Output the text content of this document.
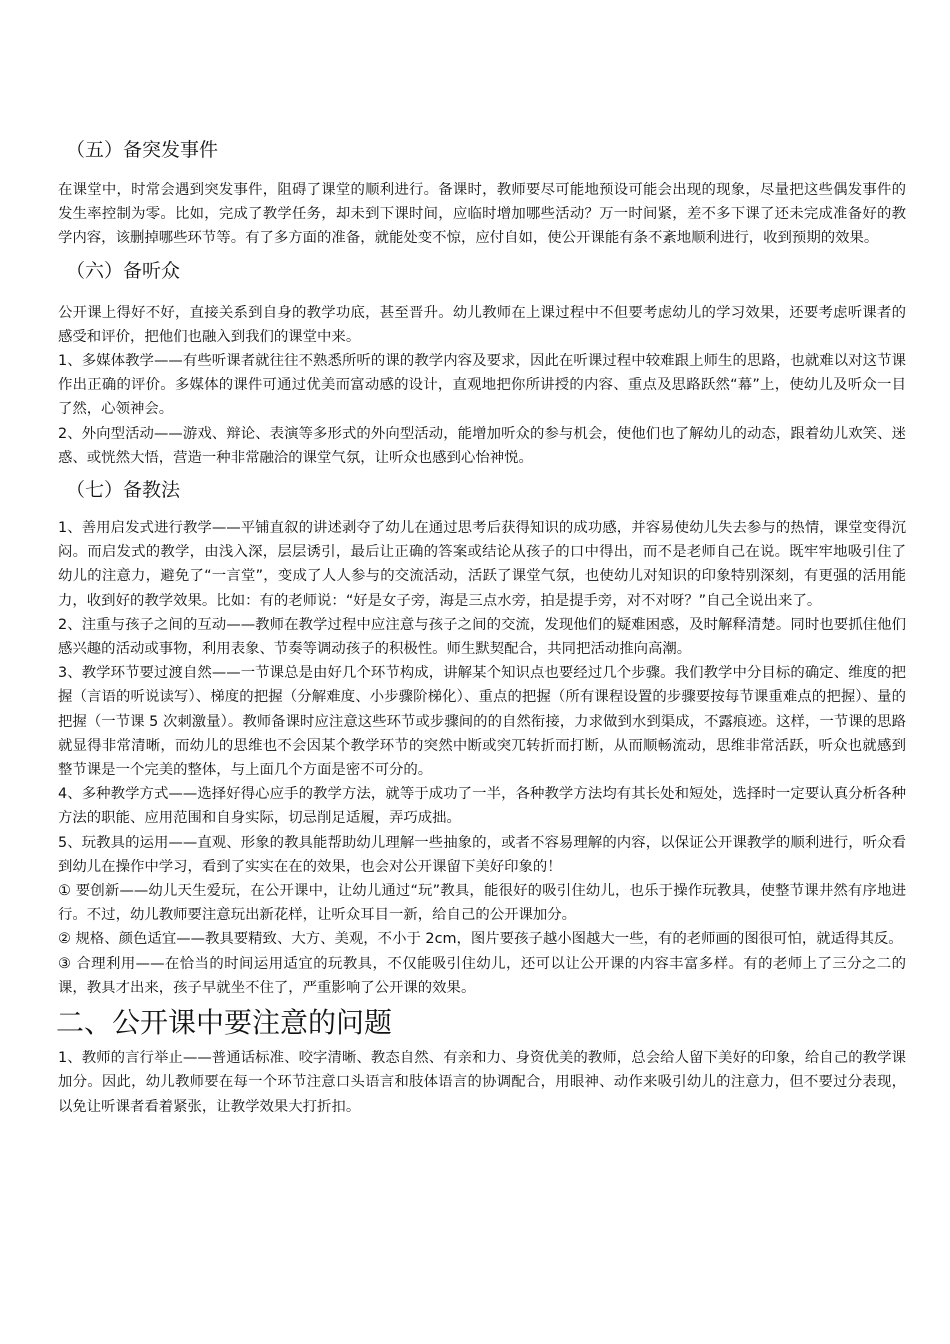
（五）备突发事件

在课堂中，时常会遇到突发事件，阻碍了课堂的顺利进行。备课时，教师要尽可能地预设可能会出现的现象，尽量把这些偶发事件的发生率控制为零。比如，完成了教学任务，却未到下课时间，应临时增加哪些活动？万一时间紧，差不多下课了还未完成准备好的教学内容，该删掉哪些环节等。有了多方面的准备，就能处变不惊，应付自如，使公开课能有条不紊地顺利进行，收到预期的效果。

（六）备听众

公开课上得好不好，直接关系到自身的教学功底，甚至晋升。幼儿教师在上课过程中不但要考虑幼儿的学习效果，还要考虑听课者的感受和评价，把他们也融入到我们的课堂中来。

1、多媒体教学——有些听课者就往往不熟悉所听的课的教学内容及要求，因此在听课过程中较难跟上师生的思路，也就难以对这节课作出正确的评价。多媒体的课件可通过优美而富动感的设计，直观地把你所讲授的内容、重点及思路跃然“幕”上，使幼儿及听众一目了然，心领神会。

2、外向型活动——游戏、辩论、表演等多形式的外向型活动，能增加听众的参与机会，使他们也了解幼儿的动态，跟着幼儿欢笑、迷惑、或恍然大悟，营造一种非常融洽的课堂气氛，让听众也感到心怡神悦。

（七）备教法

1、善用启发式进行教学——平铺直叙的讲述剥夺了幼儿在通过思考后获得知识的成功感，并容易使幼儿失去参与的热情，课堂变得沉闷。而启发式的教学，由浅入深，层层诱引，最后让正确的答案或结论从孩子的口中得出，而不是老师自己在说。既牢牢地吸引住了幼儿的注意力，避免了“一言堂”，变成了人人参与的交流活动，活跃了课堂气氛，也使幼儿对知识的印象特别深刻，有更强的活用能力，收到好的教学效果。比如：有的老师说：“好是女子旁，海是三点水旁，拍是提手旁，对不对呀？”自己全说出来了。

2、注重与孩子之间的互动——教师在教学过程中应注意与孩子之间的交流，发现他们的疑难困惑，及时解释清楚。同时也要抓住他们感兴趣的活动或事物，利用表象、节奏等调动孩子的积极性。师生默契配合，共同把活动推向高潮。

3、教学环节要过渡自然——一节课总是由好几个环节构成，讲解某个知识点也要经过几个步骤。我们教学中分目标的确定、维度的把握（言语的听说读写）、梯度的把握（分解难度、小步骤阶梯化）、重点的把握（所有课程设置的步骤要按每节课重难点的把握）、量的把握（一节课 5 次刺激量）。教师备课时应注意这些环节或步骤间的的自然衔接，力求做到水到渠成，不露痕迹。这样，一节课的思路就显得非常清晰，而幼儿的思维也不会因某个教学环节的突然中断或突兀转折而打断，从而顺畅流动，思维非常活跃，听众也就感到整节课是一个完美的整体，与上面几个方面是密不可分的。

4、多种教学方式——选择好得心应手的教学方法，就等于成功了一半，各种教学方法均有其长处和短处，选择时一定要认真分析各种方法的职能、应用范围和自身实际，切忌削足适履，弄巧成拙。

5、玩教具的运用——直观、形象的教具能帮助幼儿理解一些抽象的，或者不容易理解的内容，以保证公开课教学的顺利进行，听众看到幼儿在操作中学习，看到了实实在在的效果，也会对公开课留下美好印象的！

① 要创新——幼儿天生爱玩，在公开课中，让幼儿通过“玩”教具，能很好的吸引住幼儿，也乐于操作玩教具，使整节课井然有序地进行。不过，幼儿教师要注意玩出新花样，让听众耳目一新，给自己的公开课加分。

② 规格、颜色适宜——教具要精致、大方、美观，不小于 2cm，图片要孩子越小图越大一些，有的老师画的图很可怕，就适得其反。

③ 合理利用——在恰当的时间运用适宜的玩教具，不仅能吸引住幼儿，还可以让公开课的内容丰富多样。有的老师上了三分之二的课，教具才出来，孩子早就坐不住了，严重影响了公开课的效果。

二、公开课中要注意的问题

1、教师的言行举止——普通话标准、咬字清晰、教态自然、有亲和力、身资优美的教师，总会给人留下美好的印象，给自己的教学课加分。因此，幼儿教师要在每一个环节注意口头语言和肢体语言的协调配合，用眼神、动作来吸引幼儿的注意力，但不要过分表现，以免让听课者看着紧张，让教学效果大打折扣。
